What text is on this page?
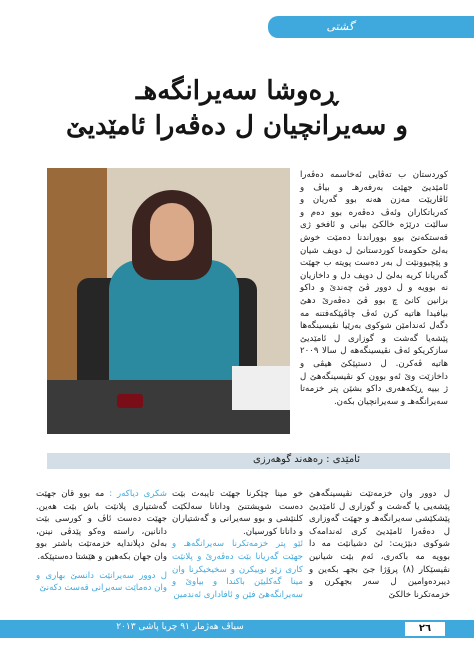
گشتی
ڕەوشا سەیرانگەهـ
و سەیرانچیان ل دەڤەرا ئامێدیێ

کوردستان ب تەڤایی ئەخاسمە دەڤەرا ئامێدیێ جهێت بەرفەرهـ و بیاڤ و ئاڤاریێت مەزن هەنە بوو گەریان و کەرباتکاران وئەڤ دەڤەرە بوو دەم و سالێت درێژە خالکێ بیانی و ئافخو ژی قەستکەنێ بوو بووراندنا دەمێت خوش بەلێ حکومەتا کوردستانێ ل دویف شیان و پێچیوونێت ل بەر دەست پویتە ب جهێت گەریانا کریە بەلێ ل دویف دل و داخازیان نە بوویە و ل دوور ڤێ چەندێ و داکو بزانین کانێ چ بوو ڤێ دەڤەرێ دهێ بیافیدا هاتیە کرن ئەڤ چاڤپێکەفتنە مە دگەل ئەندامێن شوکوی بەرێیا نڤیسینگەها پێشەیا گەشت و گوزاری ل ئامێدیێ سازکریکو ئەڤ نڤیسینگەهە ل سالا ٢٠٠٩ هاتیە ڤەکرن. ل دستپێکێ هیڤی و داخازێت وێ ئەو بوون کو نڤیسینگەهێ ل ژ بییە ڕێکەهەری داکو بشێن پتر خزمەتا سەیرانگەهـ و سەیرانچیان بکەن.

ئامێدی : رەهەند گوهەرزی

ل دوور وان خزمەتێت نڤیسینگەهێ پێشەیی یا گەشت و گوزاری ل ئامێدیێ پێشکێشی سەیرانگەهـ و جهێت گەوزاری ل دەڤەرا ئامێدیێ کری ئەندامەک شوکوی دبێژیت: ئێ دشیانێت مە دا بوویە مە باکەری، ئەم بێت شیانین نڤیسێکار (٨) پرۆژا جێ بجهـ بکەین و دیبردەوامین ل سەر بجهکرن و خزمەتکرنا خالکێ

خو مینا چێکرنا جهێت تایبەت بێت دەست شویشتنێ ودانانا سەلکێت کلنێشی و بوو سەیرانی و گەشتیاران و دانانا کورسیان.

ئێو پتر خزمەتکرنا سەیرانگەهـ و جهێت گەریانا بێت دەڤەرێ و پلانێت کاری زێو نوییکرن و سخیخیکرنا وان مینا گەکلیێن باکندا و بیاوێ و سەیرانگەهێ فێن و ئافاداری ئەندمین

شکری دیاکەر : مە بوو قان جهێت گەشتیاری پلانێت باش بێت هەین. جهێت دەست ئاڤ و کورسی بێت دانانین، راستە وەکو پێدڤی نینن، بەلێ دپلاندایە خزمەتێت باشتر بوو وان جهان بکەهین و هێشتا دەستپێکە.

ل دوور سەیرانێت دانسێ بهاری و وان دەماێت سەیرانی قەست دکەنێ

سیاڤ هەژمار ٩١ چریا پاشی ٢٠١٣	٢٦
